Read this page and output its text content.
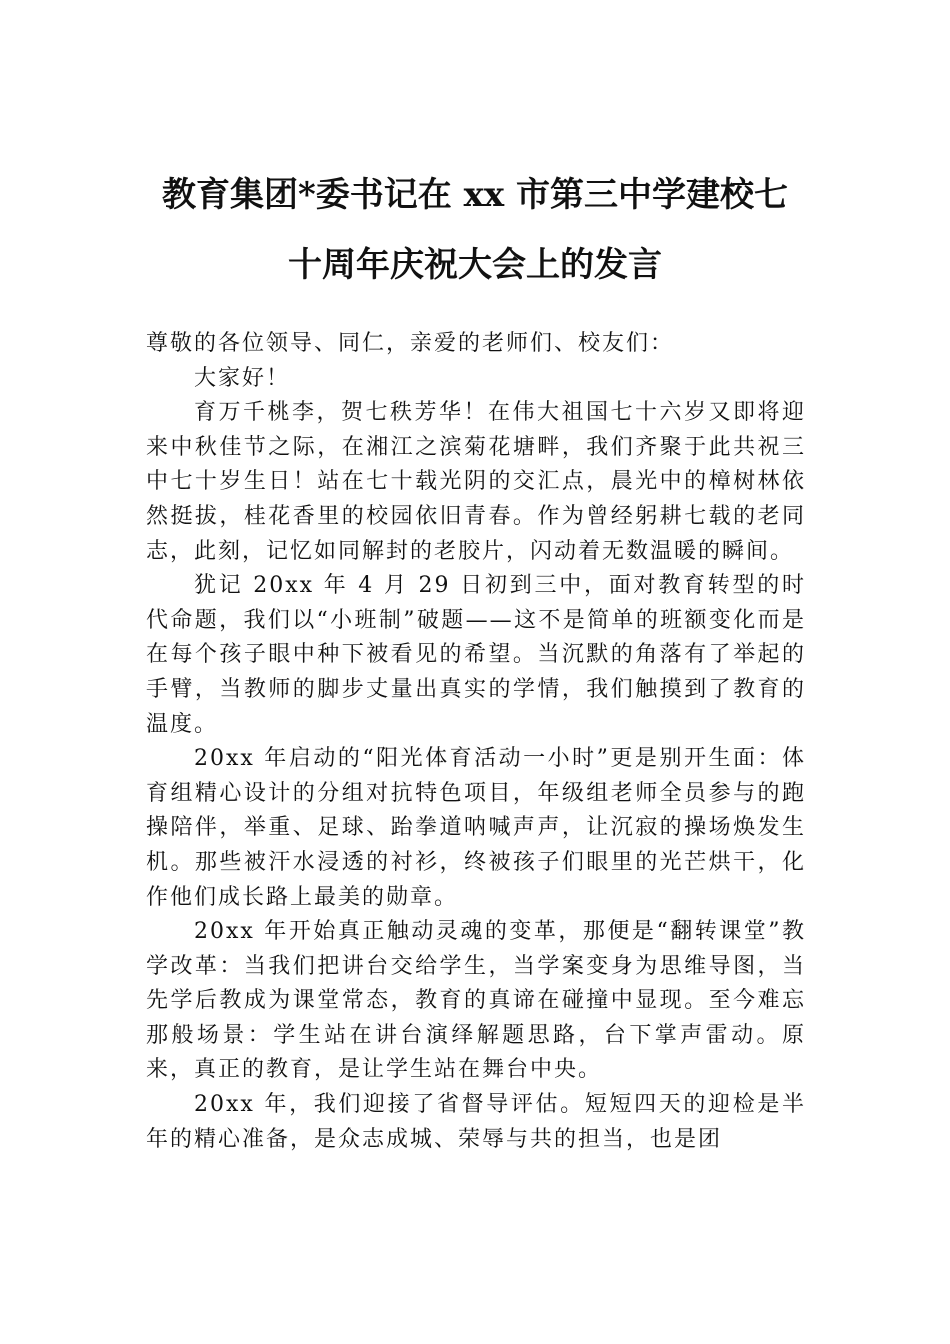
教育集团*委书记在 xx 市第三中学建校七
十周年庆祝大会上的发言

尊敬的各位领导、同仁，亲爱的老师们、校友们：

大家好！

育万千桃李，贺七秩芳华！在伟大祖国七十六岁又即将迎来中秋佳节之际，在湘江之滨菊花塘畔，我们齐聚于此共祝三中七十岁生日！站在七十载光阴的交汇点，晨光中的樟树林依然挺拔，桂花香里的校园依旧青春。作为曾经躬耕七载的老同志，此刻，记忆如同解封的老胶片，闪动着无数温暖的瞬间。

犹记 20xx 年 4 月 29 日初到三中，面对教育转型的时代命题，我们以“小班制”破题——这不是简单的班额变化而是在每个孩子眼中种下被看见的希望。当沉默的角落有了举起的手臂，当教师的脚步丈量出真实的学情，我们触摸到了教育的温度。

20xx 年启动的“阳光体育活动一小时”更是别开生面：体育组精心设计的分组对抗特色项目，年级组老师全员参与的跑操陪伴，举重、足球、跆拳道呐喊声声，让沉寂的操场焕发生机。那些被汗水浸透的衬衫，终被孩子们眼里的光芒烘干，化作他们成长路上最美的勋章。

20xx 年开始真正触动灵魂的变革，那便是“翻转课堂”教学改革：当我们把讲台交给学生，当学案变身为思维导图，当先学后教成为课堂常态，教育的真谛在碰撞中显现。至今难忘那般场景：学生站在讲台演绎解题思路，台下掌声雷动。原来，真正的教育，是让学生站在舞台中央。

20xx 年，我们迎接了省督导评估。短短四天的迎检是半年的精心准备，是众志成城、荣辱与共的担当，也是团
